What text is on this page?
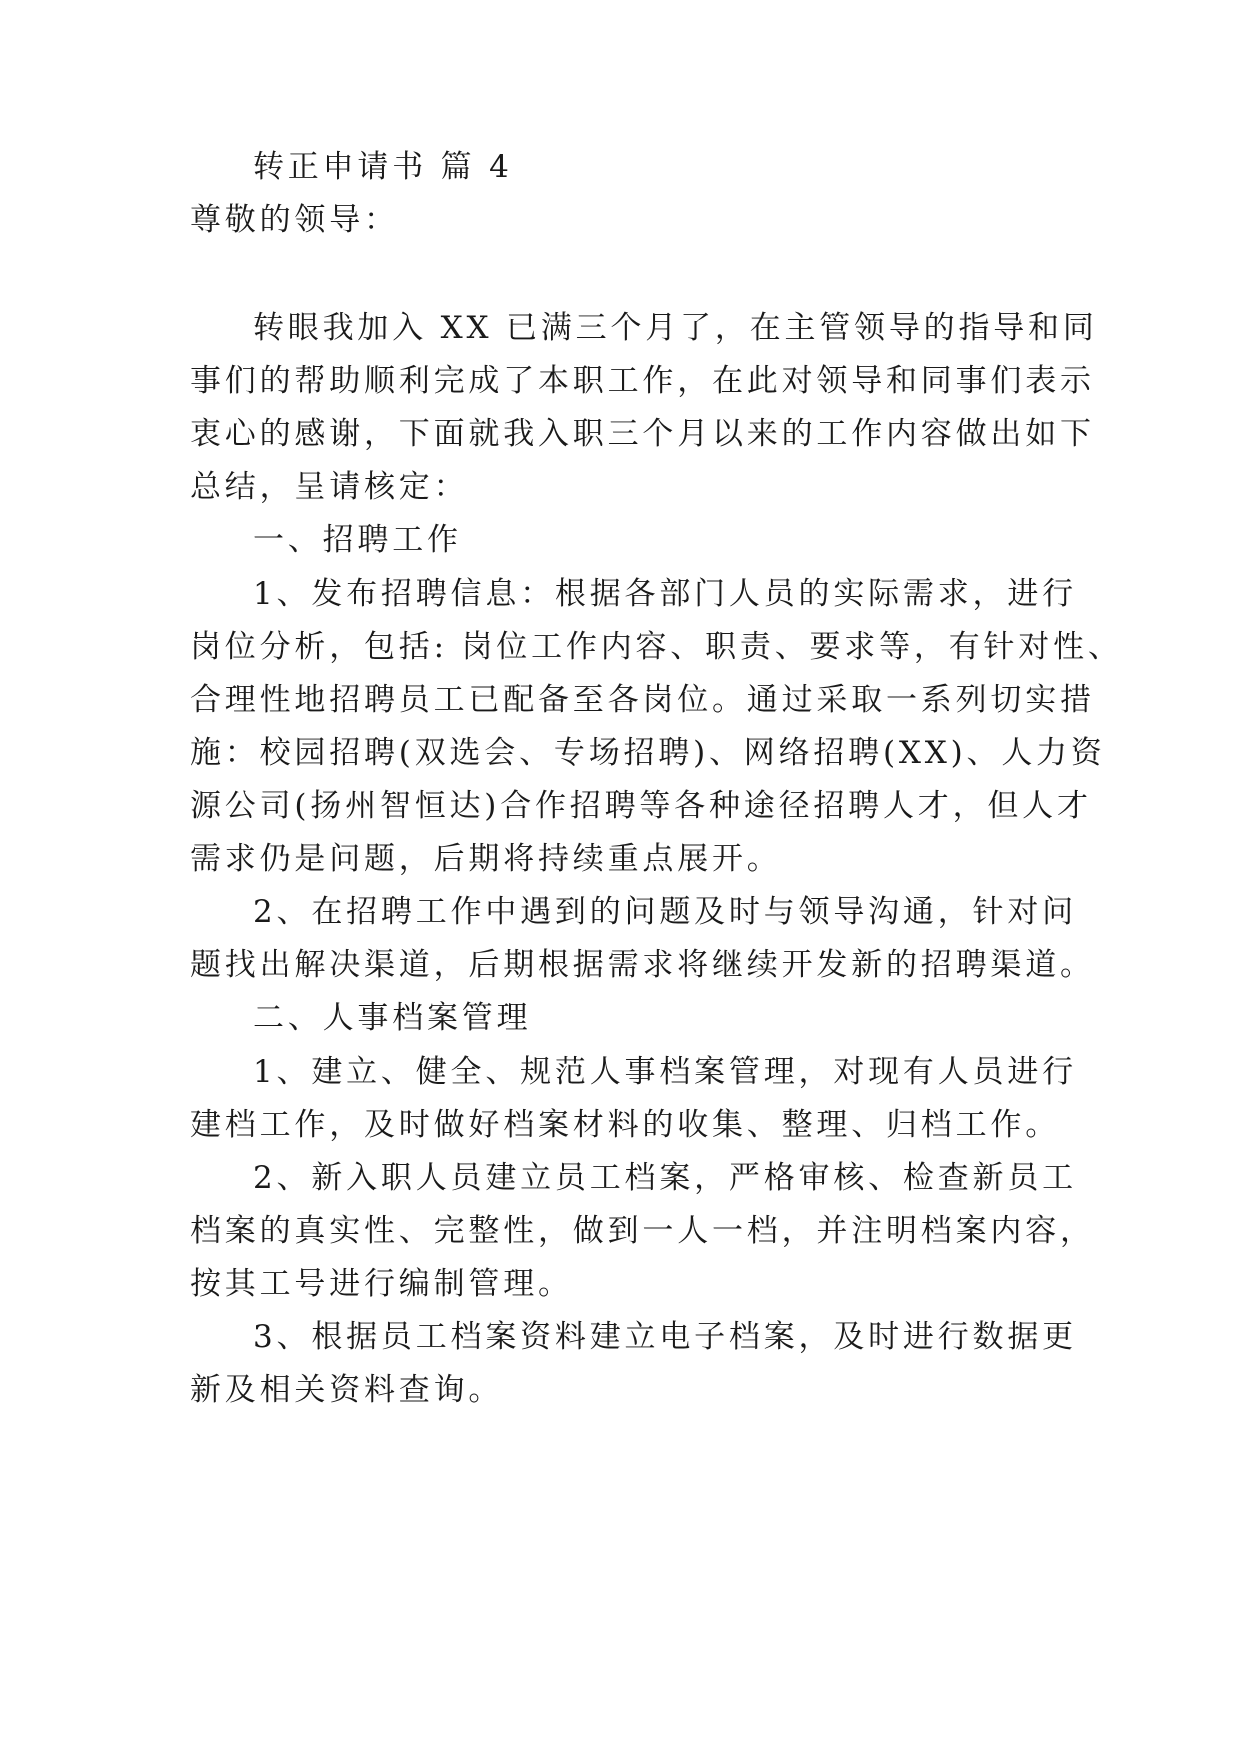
转正申请书 篇 4

尊敬的领导：

转眼我加入 XX 已满三个月了，在主管领导的指导和同

事们的帮助顺利完成了本职工作，在此对领导和同事们表示

衷心的感谢，下面就我入职三个月以来的工作内容做出如下

总结，呈请核定：

一、招聘工作

1、发布招聘信息：根据各部门人员的实际需求，进行

岗位分析，包括: 岗位工作内容、职责、要求等，有针对性、

合理性地招聘员工已配备至各岗位。通过采取一系列切实措

施：校园招聘(双选会、专场招聘)、网络招聘(XX)、人力资

源公司(扬州智恒达)合作招聘等各种途径招聘人才，但人才

需求仍是问题，后期将持续重点展开。

2、在招聘工作中遇到的问题及时与领导沟通，针对问

题找出解决渠道，后期根据需求将继续开发新的招聘渠道。

二、人事档案管理

1、建立、健全、规范人事档案管理，对现有人员进行

建档工作，及时做好档案材料的收集、整理、归档工作。

2、新入职人员建立员工档案，严格审核、检查新员工

档案的真实性、完整性，做到一人一档，并注明档案内容，

按其工号进行编制管理。

3、根据员工档案资料建立电子档案，及时进行数据更

新及相关资料查询。
